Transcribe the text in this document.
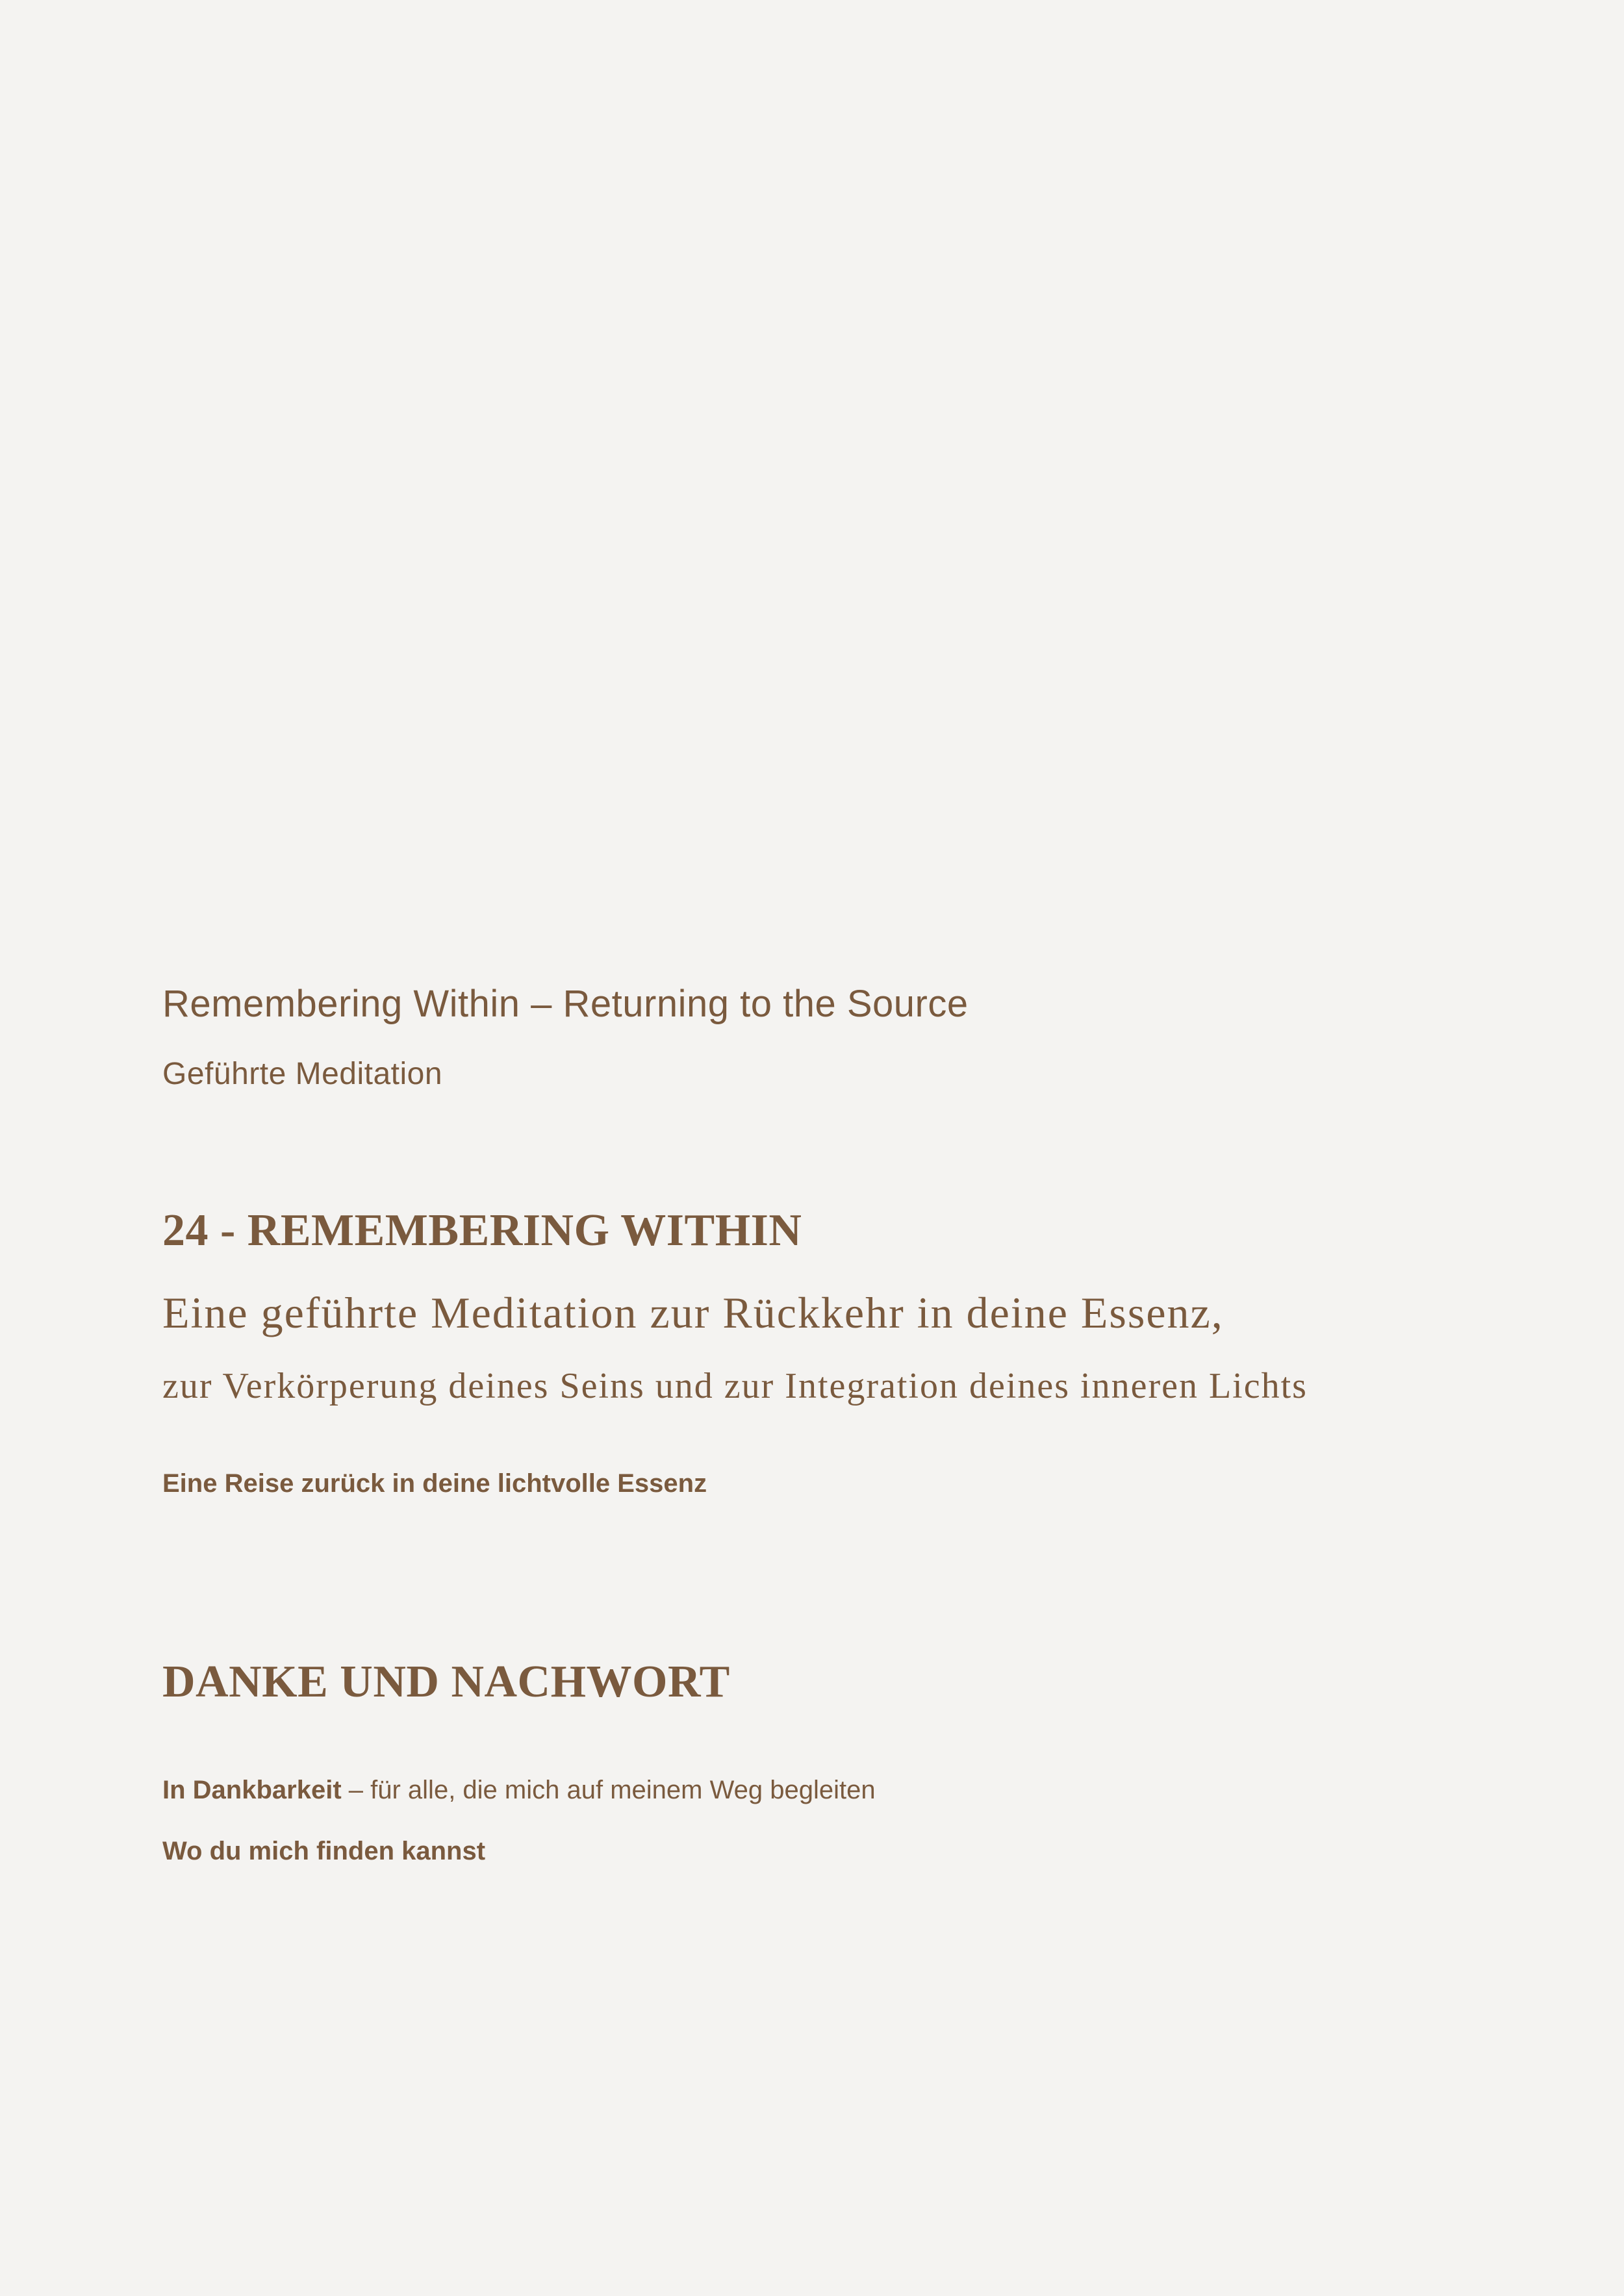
Remembering Within – Returning to the Source
Geführte Meditation
24 - REMEMBERING WITHIN
Eine geführte Meditation zur Rückkehr in deine Essenz,
zur Verkörperung deines Seins und zur Integration deines inneren Lichts
Eine Reise zurück in deine lichtvolle Essenz
DANKE UND NACHWORT
In Dankbarkeit – für alle, die mich auf meinem Weg begleiten
Wo du mich finden kannst
